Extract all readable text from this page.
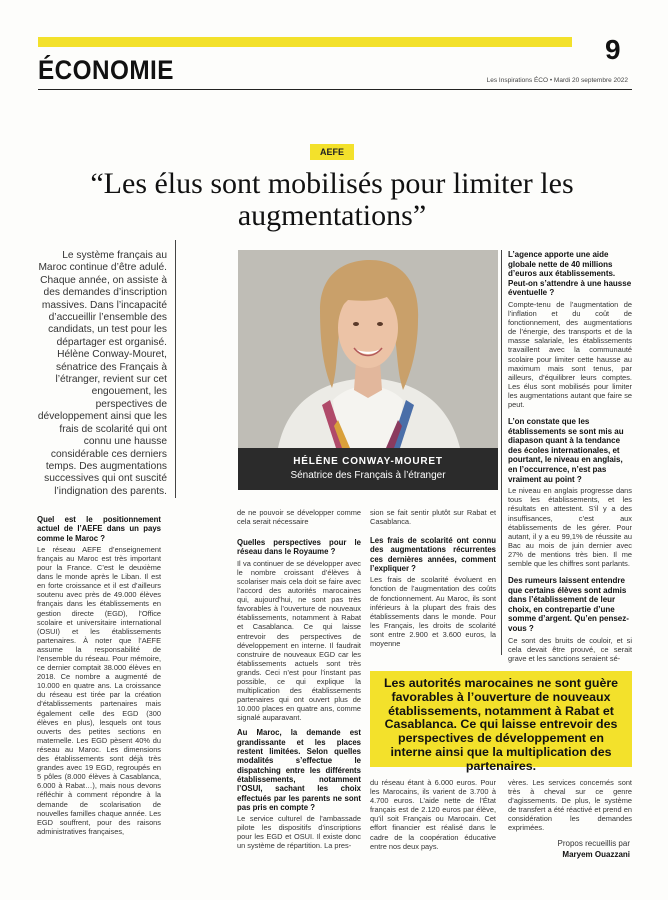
9
ÉCONOMIE	Les Inspirations ÉCO • Mardi 20 septembre 2022
AEFE
“Les élus sont mobilisés pour limiter les augmentations”
Le système français au Maroc continue d’être adulé. Chaque année, on assiste à des demandes d’inscription massives. Dans l’incapacité d’accueillir l’ensemble des candidats, un test pour les départager est organisé. Hélène Conway-Mouret, sénatrice des Français à l’étranger, revient sur cet engouement, les perspectives de développement ainsi que les frais de scolarité qui ont connu une hausse considérable ces derniers temps. Des augmentations successives qui ont suscité l’indignation des parents.
HÉLÈNE CONWAY-MOURET
Sénatrice des Français à l’étranger
Quel est le positionnement actuel de l’AEFE dans un pays comme le Maroc ?
Le réseau AEFE d’enseignement français au Maroc est très important pour la France. C’est le deuxième dans le monde après le Liban. Il est en forte croissance et il est d’ailleurs soutenu avec près de 49.000 élèves français dans les établissements en gestion directe (EGD), l’Office scolaire et universitaire international (OSUI) et les établissements partenaires. À noter que l’AEFE assume la responsabilité de l’ensemble du réseau. Pour mémoire, ce dernier comptait 38.000 élèves en 2018. Ce nombre a augmenté de 10.000 en quatre ans. La croissance du réseau est tirée par la création d’établissements partenaires mais également celle des EGD (300 élèves en plus), lesquels ont tous ouverts des petites sections en maternelle. Les EGD pèsent 40% du réseau au Maroc. Les dimensions des établissements sont déjà très grandes avec 19 EGD, regroupés en 5 pôles (8.000 élèves à Casablanca, 6.000 à Rabat…), mais nous devons réfléchir à comment répondre à la demande de scolarisation de nouvelles familles chaque année. Les EGD souffrent, pour des raisons administratives françaises,
de ne pouvoir se développer comme cela serait nécessaire
Quelles perspectives pour le réseau dans le Royaume ?
Il va continuer de se développer avec le nombre croissant d’élèves à scolariser mais cela doit se faire avec l’accord des autorités marocaines qui, aujourd’hui, ne sont pas très favorables à l’ouverture de nouveaux établissements, notamment à Rabat et Casablanca. Ce qui laisse entrevoir des perspectives de développement en interne. Il faudrait construire de nouveaux EGD car les établissements actuels sont très grands. Ceci n’est pour l’instant pas possible, ce qui explique la multiplication des établissements partenaires qui ont ouvert plus de 10.000 places en quatre ans, comme signalé auparavant.
Au Maroc, la demande est grandissante et les places restent limitées. Selon quelles modalités s’effectue le dispatching entre les différents établissements, notamment l’OSUI, sachant les choix effectués par les parents ne sont pas pris en compte ?
Le service culturel de l’ambassade pilote les dispositifs d’inscriptions pour les EGD et OSUI. Il existe donc un système de répartition. La pres-
sion se fait sentir plutôt sur Rabat et Casablanca.
Les frais de scolarité ont connu des augmentations récurrentes ces dernières années, comment l’expliquer ?
Les frais de scolarité évoluent en fonction de l’augmentation des coûts de fonctionnement. Au Maroc, ils sont inférieurs à la plupart des frais des établissements dans le monde. Pour les Français, les droits de scolarité sont entre 2.900 et 3.600 euros, la moyenne
du réseau étant à 6.000 euros. Pour les Marocains, ils varient de 3.700 à 4.700 euros. L’aide nette de l’État français est de 2.120 euros par élève, qu’il soit Français ou Marocain. Cet effort financier est réalisé dans le cadre de la coopération éducative entre nos deux pays.
vères. Les services concernés sont très à cheval sur ce genre d’agissements. De plus, le système de transfert a été réactivé et prend en considération les demandes exprimées.
L’agence apporte une aide globale nette de 40 millions d’euros aux établissements. Peut-on s’attendre à une hausse éventuelle ?
Compte-tenu de l’augmentation de l’inflation et du coût de fonctionnement, des augmentations de l’énergie, des transports et de la masse salariale, les établissements travaillent avec la communauté scolaire pour limiter cette hausse au maximum mais sont tenus, par ailleurs, d’équilibrer leurs comptes. Les élus sont mobilisés pour limiter les augmentations autant que faire se peut.
L’on constate que les établissements se sont mis au diapason quant à la tendance des écoles internationales, et pourtant, le niveau en anglais, en l’occurrence, n’est pas vraiment au point ?
Le niveau en anglais progresse dans tous les établissements, et les résultats en attestent. S’il y a des insuffisances, c’est aux établissements de les gérer. Pour autant, il y a eu 99,1% de réussite au Bac au mois de juin dernier avec 27% de mentions très bien. Il me semble que les chiffres sont parlants.
Des rumeurs laissent entendre que certains élèves sont admis dans l’établissement de leur choix, en contrepartie d’une somme d’argent. Qu’en pensez-vous ?
Ce sont des bruits de couloir, et si cela devait être prouvé, ce serait grave et les sanctions seraient sé-
Les autorités marocaines ne sont guère favorables à l’ouverture de nouveaux établissements, notamment à Rabat et Casablanca. Ce qui laisse entrevoir des perspectives de développement en interne ainsi que la multiplication des partenaires.
Propos recueillis par
Maryem Ouazzani
